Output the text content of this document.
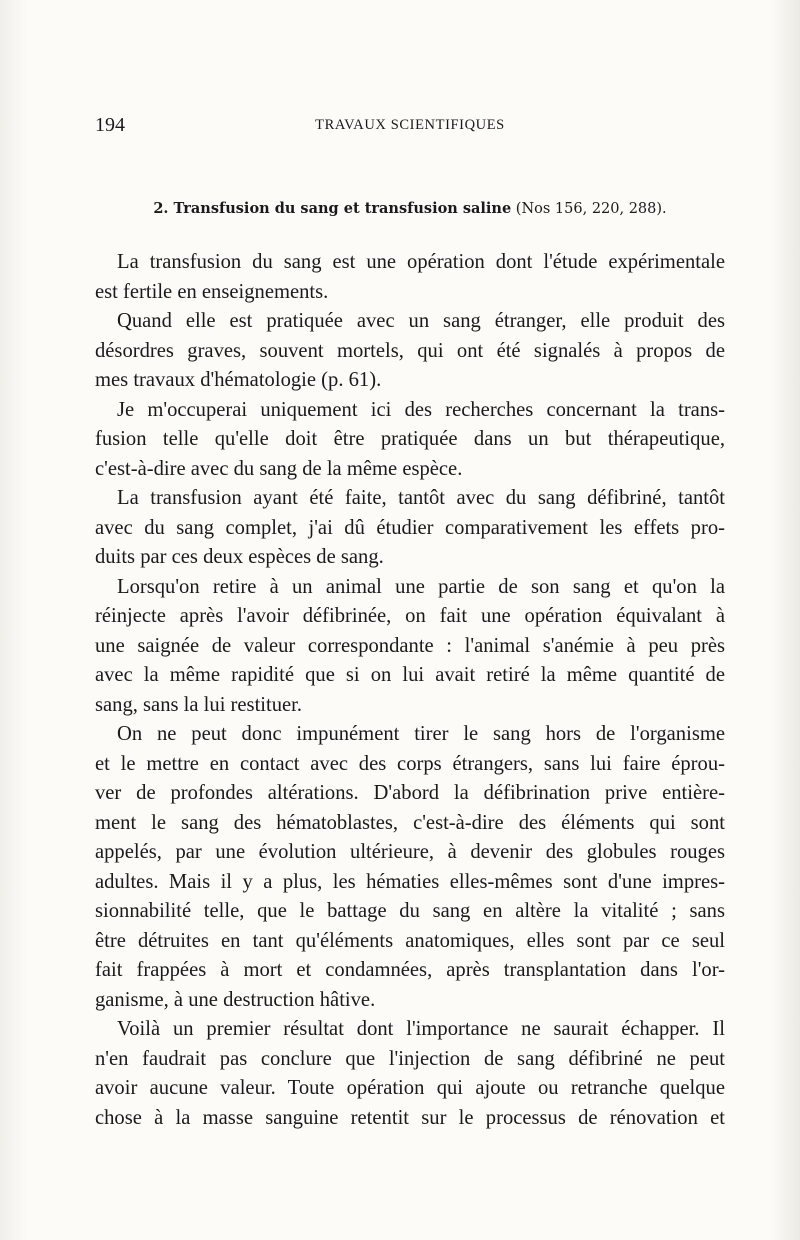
194	TRAVAUX SCIENTIFIQUES
2. Transfusion du sang et transfusion saline (Nos 156, 220, 288).

La transfusion du sang est une opération dont l'étude expérimentale
est fertile en enseignements.

Quand elle est pratiquée avec un sang étranger, elle produit des
désordres graves, souvent mortels, qui ont été signalés à propos de
mes travaux d'hématologie (p. 61).

Je m'occuperai uniquement ici des recherches concernant la trans-
fusion telle qu'elle doit être pratiquée dans un but thérapeutique,
c'est-à-dire avec du sang de la même espèce.

La transfusion ayant été faite, tantôt avec du sang défibriné, tantôt
avec du sang complet, j'ai dû étudier comparativement les effets pro-
duits par ces deux espèces de sang.

Lorsqu'on retire à un animal une partie de son sang et qu'on la
réinjecte après l'avoir défibrinée, on fait une opération équivalant à
une saignée de valeur correspondante : l'animal s'anémie à peu près
avec la même rapidité que si on lui avait retiré la même quantité de
sang, sans la lui restituer.

On ne peut donc impunément tirer le sang hors de l'organisme
et le mettre en contact avec des corps étrangers, sans lui faire éprou-
ver de profondes altérations. D'abord la défibrination prive entière-
ment le sang des hématoblastes, c'est-à-dire des éléments qui sont
appelés, par une évolution ultérieure, à devenir des globules rouges
adultes. Mais il y a plus, les hématies elles-mêmes sont d'une impres-
sionnabilité telle, que le battage du sang en altère la vitalité ; sans
être détruites en tant qu'éléments anatomiques, elles sont par ce seul
fait frappées à mort et condamnées, après transplantation dans l'or-
ganisme, à une destruction hâtive.

Voilà un premier résultat dont l'importance ne saurait échapper. Il
n'en faudrait pas conclure que l'injection de sang défibriné ne peut
avoir aucune valeur. Toute opération qui ajoute ou retranche quelque
chose à la masse sanguine retentit sur le processus de rénovation et
